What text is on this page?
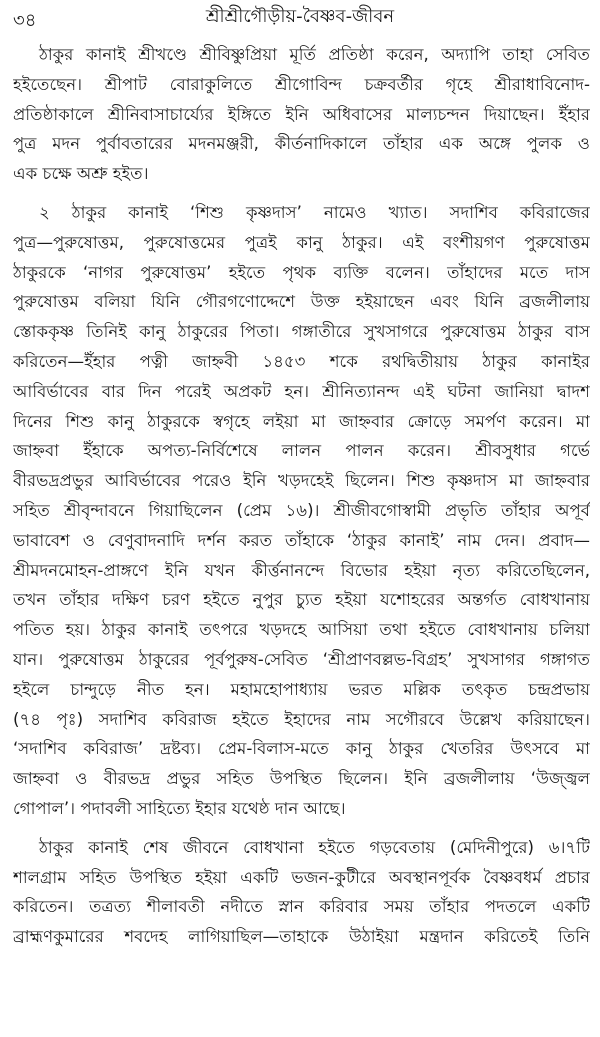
৩৪	শ্রীশ্রীগৌড়ীয়-বৈষ্ণব-জীবন
ঠাকুর কানাই শ্রীখণ্ডে শ্রীবিষ্ণুপ্রিয়া মূর্তি প্রতিষ্ঠা করেন, অদ্যাপি তাহা সেবিত
হইতেছেন। শ্রীপাট বোরাকুলিতে শ্রীগোবিন্দ চক্রবর্তীর গৃহে শ্রীরাধাবিনোদ-
প্রতিষ্ঠাকালে শ্রীনিবাসাচার্য্যের ইঙ্গিতে ইনি অধিবাসের মাল্যচন্দন দিয়াছেন। ইঁহার
পুত্র মদন পুর্বাবতারের মদনমঞ্জরী, কীর্তনাদিকালে তাঁহার এক অঙ্গে পুলক ও
এক চক্ষে অশ্রু হইত।
২ ঠাকুর কানাই ‘শিশু কৃষ্ণদাস’ নামেও খ্যাত। সদাশিব কবিরাজের
পুত্র—পুরুষোত্তম, পুরুষোত্তমের পুত্রই কানু ঠাকুর। এই বংশীয়গণ পুরুষোত্তম
ঠাকুরকে ‘নাগর পুরুষোত্তম’ হইতে পৃথক ব্যক্তি বলেন। তাঁহাদের মতে দাস
পুরুষোত্তম বলিয়া যিনি গৌরগণোদ্দেশে উক্ত হইয়াছেন এবং যিনি ব্রজলীলায়
স্তোককৃষ্ণ তিনিই কানু ঠাকুরের পিতা। গঙ্গাতীরে সুখসাগরে পুরুষোত্তম ঠাকুর বাস
করিতেন—ইঁহার পত্নী জাহ্নবী ১৪৫৩ শকে রথদ্বিতীয়ায় ঠাকুর কানাইর
আবির্ভাবের বার দিন পরেই অপ্রকট হন। শ্রীনিত্যানন্দ এই ঘটনা জানিয়া দ্বাদশ
দিনের শিশু কানু ঠাকুরকে স্বগৃহে লইয়া মা জাহ্নবার ক্রোড়ে সমর্পণ করেন। মা
জাহ্নবা ইঁহাকে অপত্য-নির্বিশেষে লালন পালন করেন। শ্রীবসুধার গর্ভে
বীরভদ্রপ্রভুর আবির্ভাবের পরেও ইনি খড়দহেই ছিলেন। শিশু কৃষ্ণদাস মা জাহ্নবার
সহিত শ্রীবৃন্দাবনে গিয়াছিলেন (প্রেম ১৬)। শ্রীজীবগোস্বামী প্রভৃতি তাঁহার অপূর্ব
ভাবাবেশ ও বেণুবাদনাদি দর্শন করত তাঁহাকে ‘ঠাকুর কানাই’ নাম দেন। প্রবাদ—
শ্রীমদনমোহন-প্রাঙ্গণে ইনি যখন কীর্ত্তনানন্দে বিভোর হইয়া নৃত্য করিতেছিলেন,
তখন তাঁহার দক্ষিণ চরণ হইতে নুপুর চ্যুত হইয়া যশোহরের অন্তর্গত বোধখানায়
পতিত হয়। ঠাকুর কানাই তৎপরে খড়দহে আসিয়া তথা হইতে বোধখানায় চলিয়া
যান। পুরুষোত্তম ঠাকুরের পূর্বপুরুষ-সেবিত ‘শ্রীপ্রাণবল্লভ-বিগ্রহ’ সুখসাগর গঙ্গাগত
হইলে চান্দুড়ে নীত হন। মহামহোপাধ্যায় ভরত মল্লিক তৎকৃত চন্দ্রপ্রভায়
(৭৪ পৃঃ) সদাশিব কবিরাজ হইতে ইহাদের নাম সগৌরবে উল্লেখ করিয়াছেন।
‘সদাশিব কবিরাজ’ দ্রষ্টব্য। প্রেম-বিলাস-মতে কানু ঠাকুর খেতরির উৎসবে মা
জাহ্নবা ও বীরভদ্র প্রভুর সহিত উপস্থিত ছিলেন। ইনি ব্রজলীলায় ‘উজ্জ্বল
গোপাল’। পদাবলী সাহিত্যে ইহার যথেষ্ঠ দান আছে।
ঠাকুর কানাই শেষ জীবনে বোধখানা হইতে গড়বেতায় (মেদিনীপুরে) ৬।৭টি
শালগ্রাম সহিত উপস্থিত হইয়া একটি ভজন-কুটীরে অবস্থানপূর্বক বৈষ্ণবধর্ম প্রচার
করিতেন। তত্রত্য শীলাবতী নদীতে স্নান করিবার সময় তাঁহার পদতলে একটি
ব্রাহ্মণকুমারের শবদেহ লাগিয়াছিল—তাহাকে উঠাইয়া মন্ত্রদান করিতেই তিনি
